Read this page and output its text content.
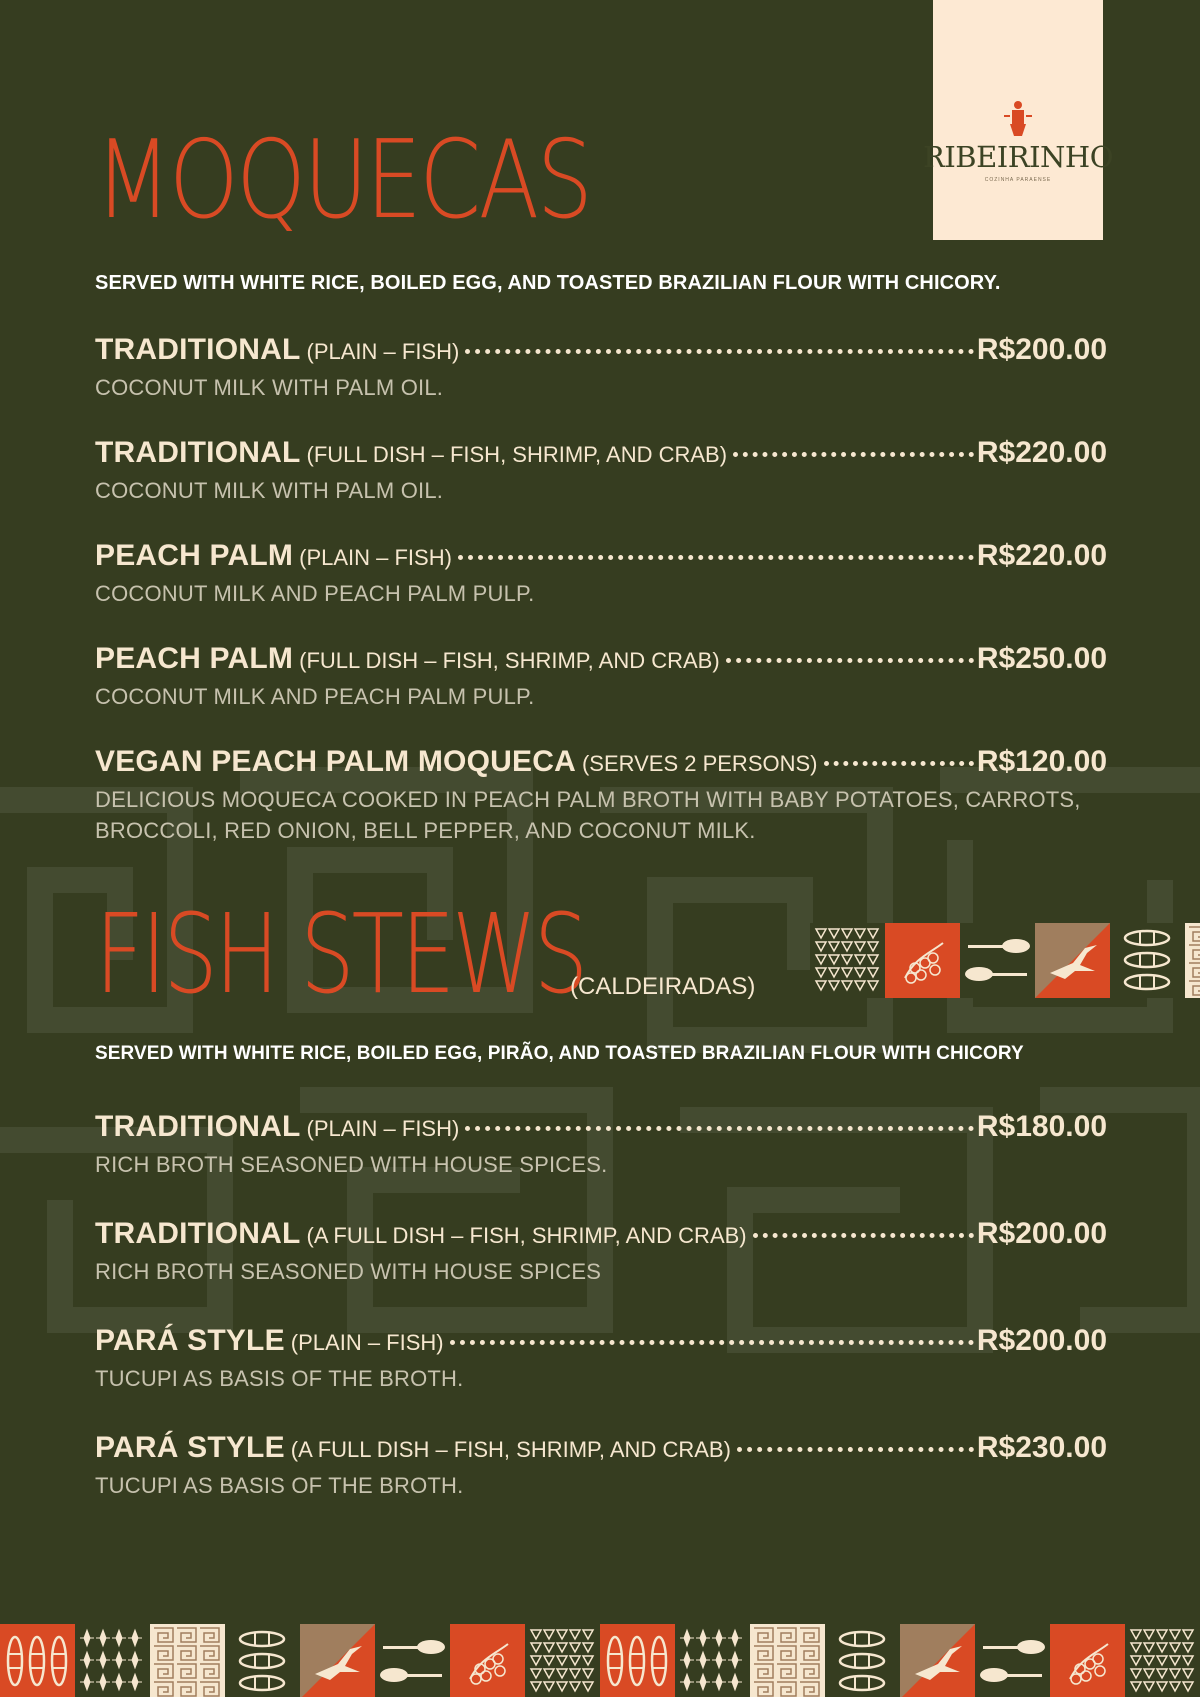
RIBEIRINHO
COZINHA PARAENSE
MOQUECAS
SERVED WITH WHITE RICE, BOILED EGG, AND TOASTED BRAZILIAN FLOUR WITH CHICORY.
TRADITIONAL (PLAIN – FISH)	R$200.00
COCONUT MILK WITH PALM OIL.
TRADITIONAL (FULL DISH – FISH, SHRIMP, AND CRAB)	R$220.00
COCONUT MILK WITH PALM OIL.
PEACH PALM (PLAIN – FISH)	R$220.00
COCONUT MILK AND PEACH PALM PULP.
PEACH PALM (FULL DISH – FISH, SHRIMP, AND CRAB)	R$250.00
COCONUT MILK AND PEACH PALM PULP.
VEGAN PEACH PALM MOQUECA (SERVES 2 PERSONS)	R$120.00
DELICIOUS MOQUECA COOKED IN PEACH PALM BROTH WITH BABY POTATOES, CARROTS, BROCCOLI, RED ONION, BELL PEPPER, AND COCONUT MILK.
FISH STEWS
(CALDEIRADAS)
SERVED WITH WHITE RICE, BOILED EGG, PIRÃO, AND TOASTED BRAZILIAN FLOUR WITH CHICORY
TRADITIONAL (PLAIN – FISH)	R$180.00
RICH BROTH SEASONED WITH HOUSE SPICES.
TRADITIONAL (A FULL DISH – FISH, SHRIMP, AND CRAB)	R$200.00
RICH BROTH SEASONED WITH HOUSE SPICES
PARÁ STYLE (PLAIN – FISH)	R$200.00
TUCUPI AS BASIS OF THE BROTH.
PARÁ STYLE (A FULL DISH – FISH, SHRIMP, AND CRAB)	R$230.00
TUCUPI AS BASIS OF THE BROTH.
